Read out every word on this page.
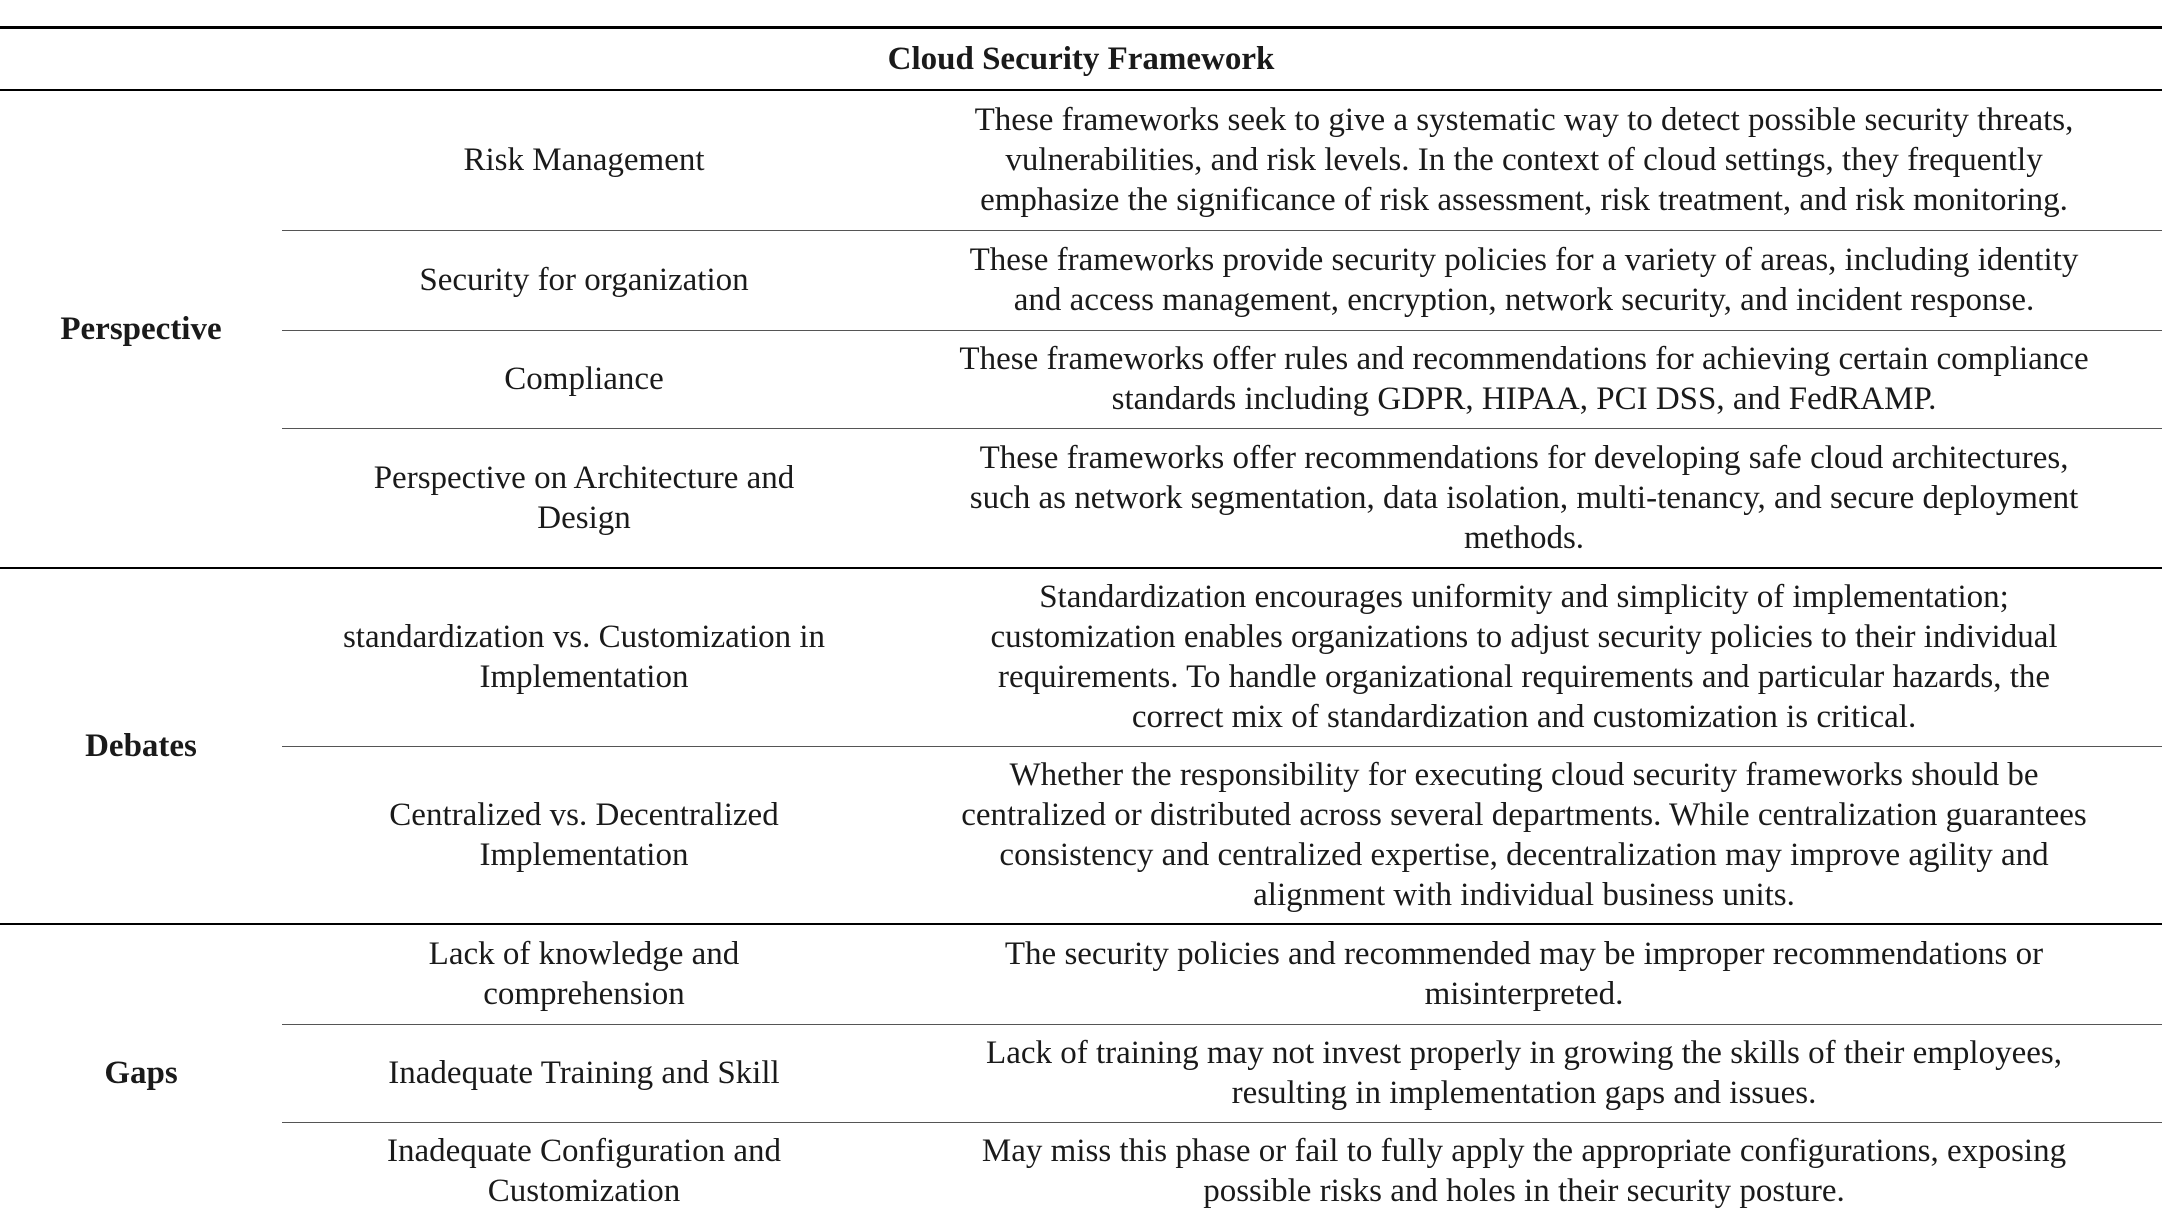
Cloud Security Framework		
Perspective	Risk Management	These frameworks seek to give a systematic way to detect possible security threats,
vulnerabilities, and risk levels. In the context of cloud settings, they frequently
emphasize the significance of risk assessment, risk treatment, and risk monitoring.

	Security for organization	These frameworks provide security policies for a variety of areas, including identity
and access management, encryption, network security, and incident response.

	Compliance	These frameworks offer rules and recommendations for achieving certain compliance
standards including GDPR, HIPAA, PCI DSS, and FedRAMP.

	Perspective on Architecture and
Design	These frameworks offer recommendations for developing safe cloud architectures,
such as network segmentation, data isolation, multi-tenancy, and secure deployment
methods.

Debates	standardization vs. Customization in
Implementation	Standardization encourages uniformity and simplicity of implementation;
customization enables organizations to adjust security policies to their individual
requirements. To handle organizational requirements and particular hazards, the
correct mix of standardization and customization is critical.

	Centralized vs. Decentralized
Implementation	Whether the responsibility for executing cloud security frameworks should be
centralized or distributed across several departments. While centralization guarantees
consistency and centralized expertise, decentralization may improve agility and
alignment with individual business units.

Gaps	Lack of knowledge and
comprehension	The security policies and recommended may be improper recommendations or
misinterpreted.

	Inadequate Training and Skill	Lack of training may not invest properly in growing the skills of their employees,
resulting in implementation gaps and issues.

	Inadequate Configuration and
Customization	May miss this phase or fail to fully apply the appropriate configurations, exposing
possible risks and holes in their security posture.
